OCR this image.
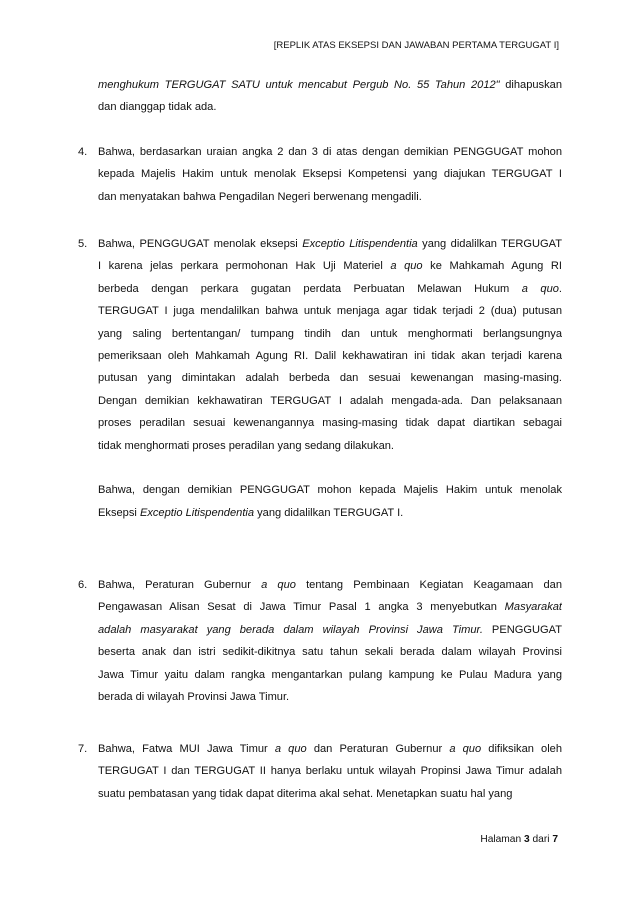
[REPLIK ATAS EKSEPSI DAN JAWABAN PERTAMA TERGUGAT I]
menghukum TERGUGAT SATU untuk mencabut Pergub No. 55 Tahun 2012" dihapuskan
dan dianggap tidak ada.
4. Bahwa, berdasarkan uraian angka 2 dan 3 di atas dengan demikian PENGGUGAT mohon
kepada Majelis Hakim untuk menolak Eksepsi Kompetensi yang diajukan TERGUGAT I
dan menyatakan bahwa Pengadilan Negeri berwenang mengadili.
5. Bahwa, PENGGUGAT menolak eksepsi Exceptio Litispendentia yang didalilkan TERGUGAT
I karena jelas perkara permohonan Hak Uji Materiel a quo ke Mahkamah Agung RI
berbeda dengan perkara gugatan perdata Perbuatan Melawan Hukum a quo.
TERGUGAT I juga mendalilkan bahwa untuk menjaga agar tidak terjadi 2 (dua) putusan
yang saling bertentangan/ tumpang tindih dan untuk menghormati berlangsungnya
pemeriksaan oleh Mahkamah Agung RI. Dalil kekhawatiran ini tidak akan terjadi karena
putusan yang dimintakan adalah berbeda dan sesuai kewenangan masing-masing.
Dengan demikian kekhawatiran TERGUGAT I adalah mengada-ada. Dan pelaksanaan
proses peradilan sesuai kewenangannya masing-masing tidak dapat diartikan sebagai
tidak menghormati proses peradilan yang sedang dilakukan.
Bahwa, dengan demikian PENGGUGAT mohon kepada Majelis Hakim untuk menolak
Eksepsi Exceptio Litispendentia yang didalilkan TERGUGAT I.
6. Bahwa, Peraturan Gubernur a quo tentang Pembinaan Kegiatan Keagamaan dan
Pengawasan Alisan Sesat di Jawa Timur Pasal 1 angka 3 menyebutkan Masyarakat
adalah masyarakat yang berada dalam wilayah Provinsi Jawa Timur. PENGGUGAT
beserta anak dan istri sedikit-dikitnya satu tahun sekali berada dalam wilayah Provinsi
Jawa Timur yaitu dalam rangka mengantarkan pulang kampung ke Pulau Madura yang
berada di wilayah Provinsi Jawa Timur.
7. Bahwa, Fatwa MUI Jawa Timur a quo dan Peraturan Gubernur a quo difiksikan oleh
TERGUGAT I dan TERGUGAT II hanya berlaku untuk wilayah Propinsi Jawa Timur adalah
suatu pembatasan yang tidak dapat diterima akal sehat. Menetapkan suatu hal yang
Halaman 3 dari 7
